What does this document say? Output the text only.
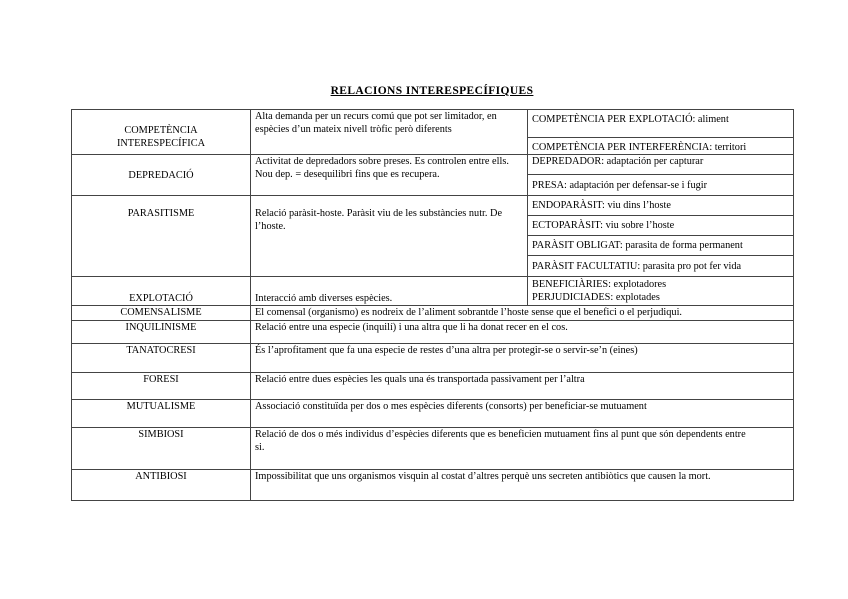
RELACIONS INTERESPECÍFIQUES
COMPETÈNCIA
INTERESPECÍFICA	Alta demanda per un recurs comú que pot ser limitador, en espècies d’un mateix nivell tròfic però diferents	COMPETÈNCIA PER EXPLOTACIÓ: aliment
		COMPETÈNCIA PER INTERFERÈNCIA: territori
DEPREDACIÓ	Activitat de depredadors sobre preses. Es controlen entre ells. Nou dep. = desequilibri fins que es recupera.	DEPREDADOR: adaptación per capturar
		PRESA: adaptación per defensar-se i fugir
PARASITISME	Relació paràsit-hoste. Paràsit viu de les substàncies nutr. De l’hoste.	ENDOPARÀSIT: viu dins l’hoste
		ECTOPARÀSIT: viu sobre l’hoste
		PARÀSIT OBLIGAT: parasita de forma permanent
		PARÀSIT FACULTATIU: parasita pro pot fer vida
EXPLOTACIÓ	Interacció amb diverses espècies.	BENEFICIÀRIES: explotadores
PERJUDICIADES: explotades
COMENSALISME	El comensal (organismo) es nodreix de l’aliment sobrantde l’hoste sense que el benefici o el perjudiqui.	
INQUILINISME	Relació entre una especie (inquilí) i una altra que li ha donat recer en el cos.	
TANATOCRESI	És l’aprofitament que fa una especie de restes d’una altra per protegir-se o servir-se’n (eines)	
FORESI	Relació entre dues espècies les quals una és transportada passivament per l’altra	
MUTUALISME	Associació constituïda per dos o mes espècies diferents (consorts) per beneficiar-se mutuament	
SIMBIOSI	Relació de dos o més individus d’espècies diferents que es beneficien mutuament fins al punt que són dependents entre
si.	
ANTIBIOSI	Impossibilitat que uns organismos visquin al costat d’altres perquè uns secreten antibiòtics que causen la mort.	
